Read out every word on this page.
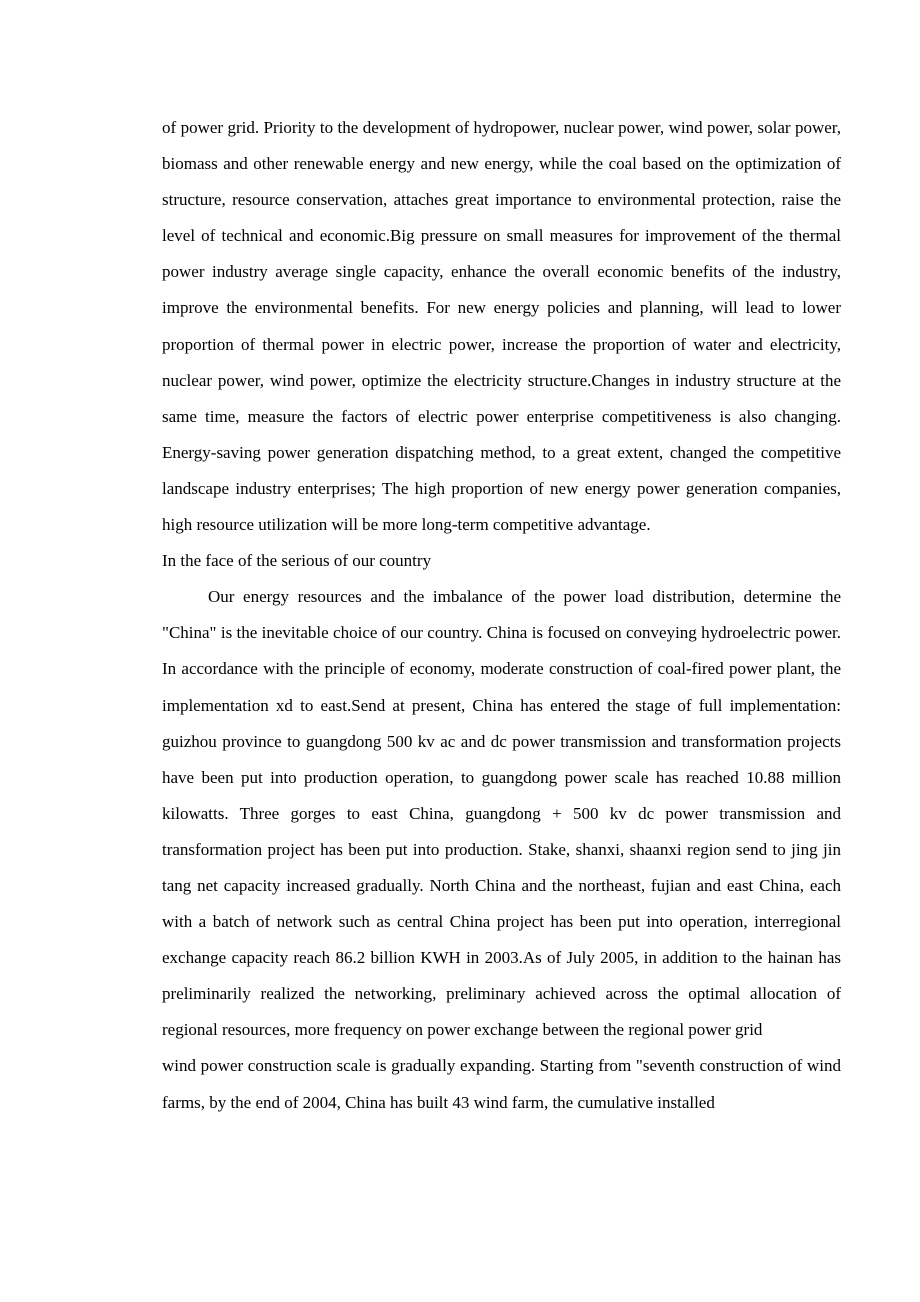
of power grid. Priority to the development of hydropower, nuclear power, wind power, solar power, biomass and other renewable energy and new energy, while the coal based on the optimization of structure, resource conservation, attaches great importance to environmental protection, raise the level of technical and economic.Big pressure on small measures for improvement of the thermal power industry average single capacity, enhance the overall economic benefits of the industry, improve the environmental benefits. For new energy policies and planning, will lead to lower proportion of thermal power in electric power, increase the proportion of water and electricity, nuclear power, wind power, optimize the electricity structure.Changes in industry structure at the same time, measure the factors of electric power enterprise competitiveness is also changing. Energy-saving power generation dispatching method, to a great extent, changed the competitive landscape industry enterprises; The high proportion of new energy power generation companies, high resource utilization will be more long-term competitive advantage.

In the face of the serious of our country

Our energy resources and the imbalance of the power load distribution, determine the "China" is the inevitable choice of our country. China is focused on conveying hydroelectric power. In accordance with the principle of economy, moderate construction of coal-fired power plant, the implementation xd to east.Send at present, China has entered the stage of full implementation: guizhou province to guangdong 500 kv ac and dc power transmission and transformation projects have been put into production operation, to guangdong power scale has reached 10.88 million kilowatts. Three gorges to east China, guangdong + 500 kv dc power transmission and transformation project has been put into production. Stake, shanxi, shaanxi region send to jing jin tang net capacity increased gradually. North China and the northeast, fujian and east China, each with a batch of network such as central China project has been put into operation, interregional exchange capacity reach 86.2 billion KWH in 2003.As of July 2005, in addition to the hainan has preliminarily realized the networking, preliminary achieved across the optimal allocation of regional resources, more frequency on power exchange between the regional power grid

wind power construction scale is gradually expanding. Starting from "seventh construction of wind farms, by the end of 2004, China has built 43 wind farm, the cumulative installed
